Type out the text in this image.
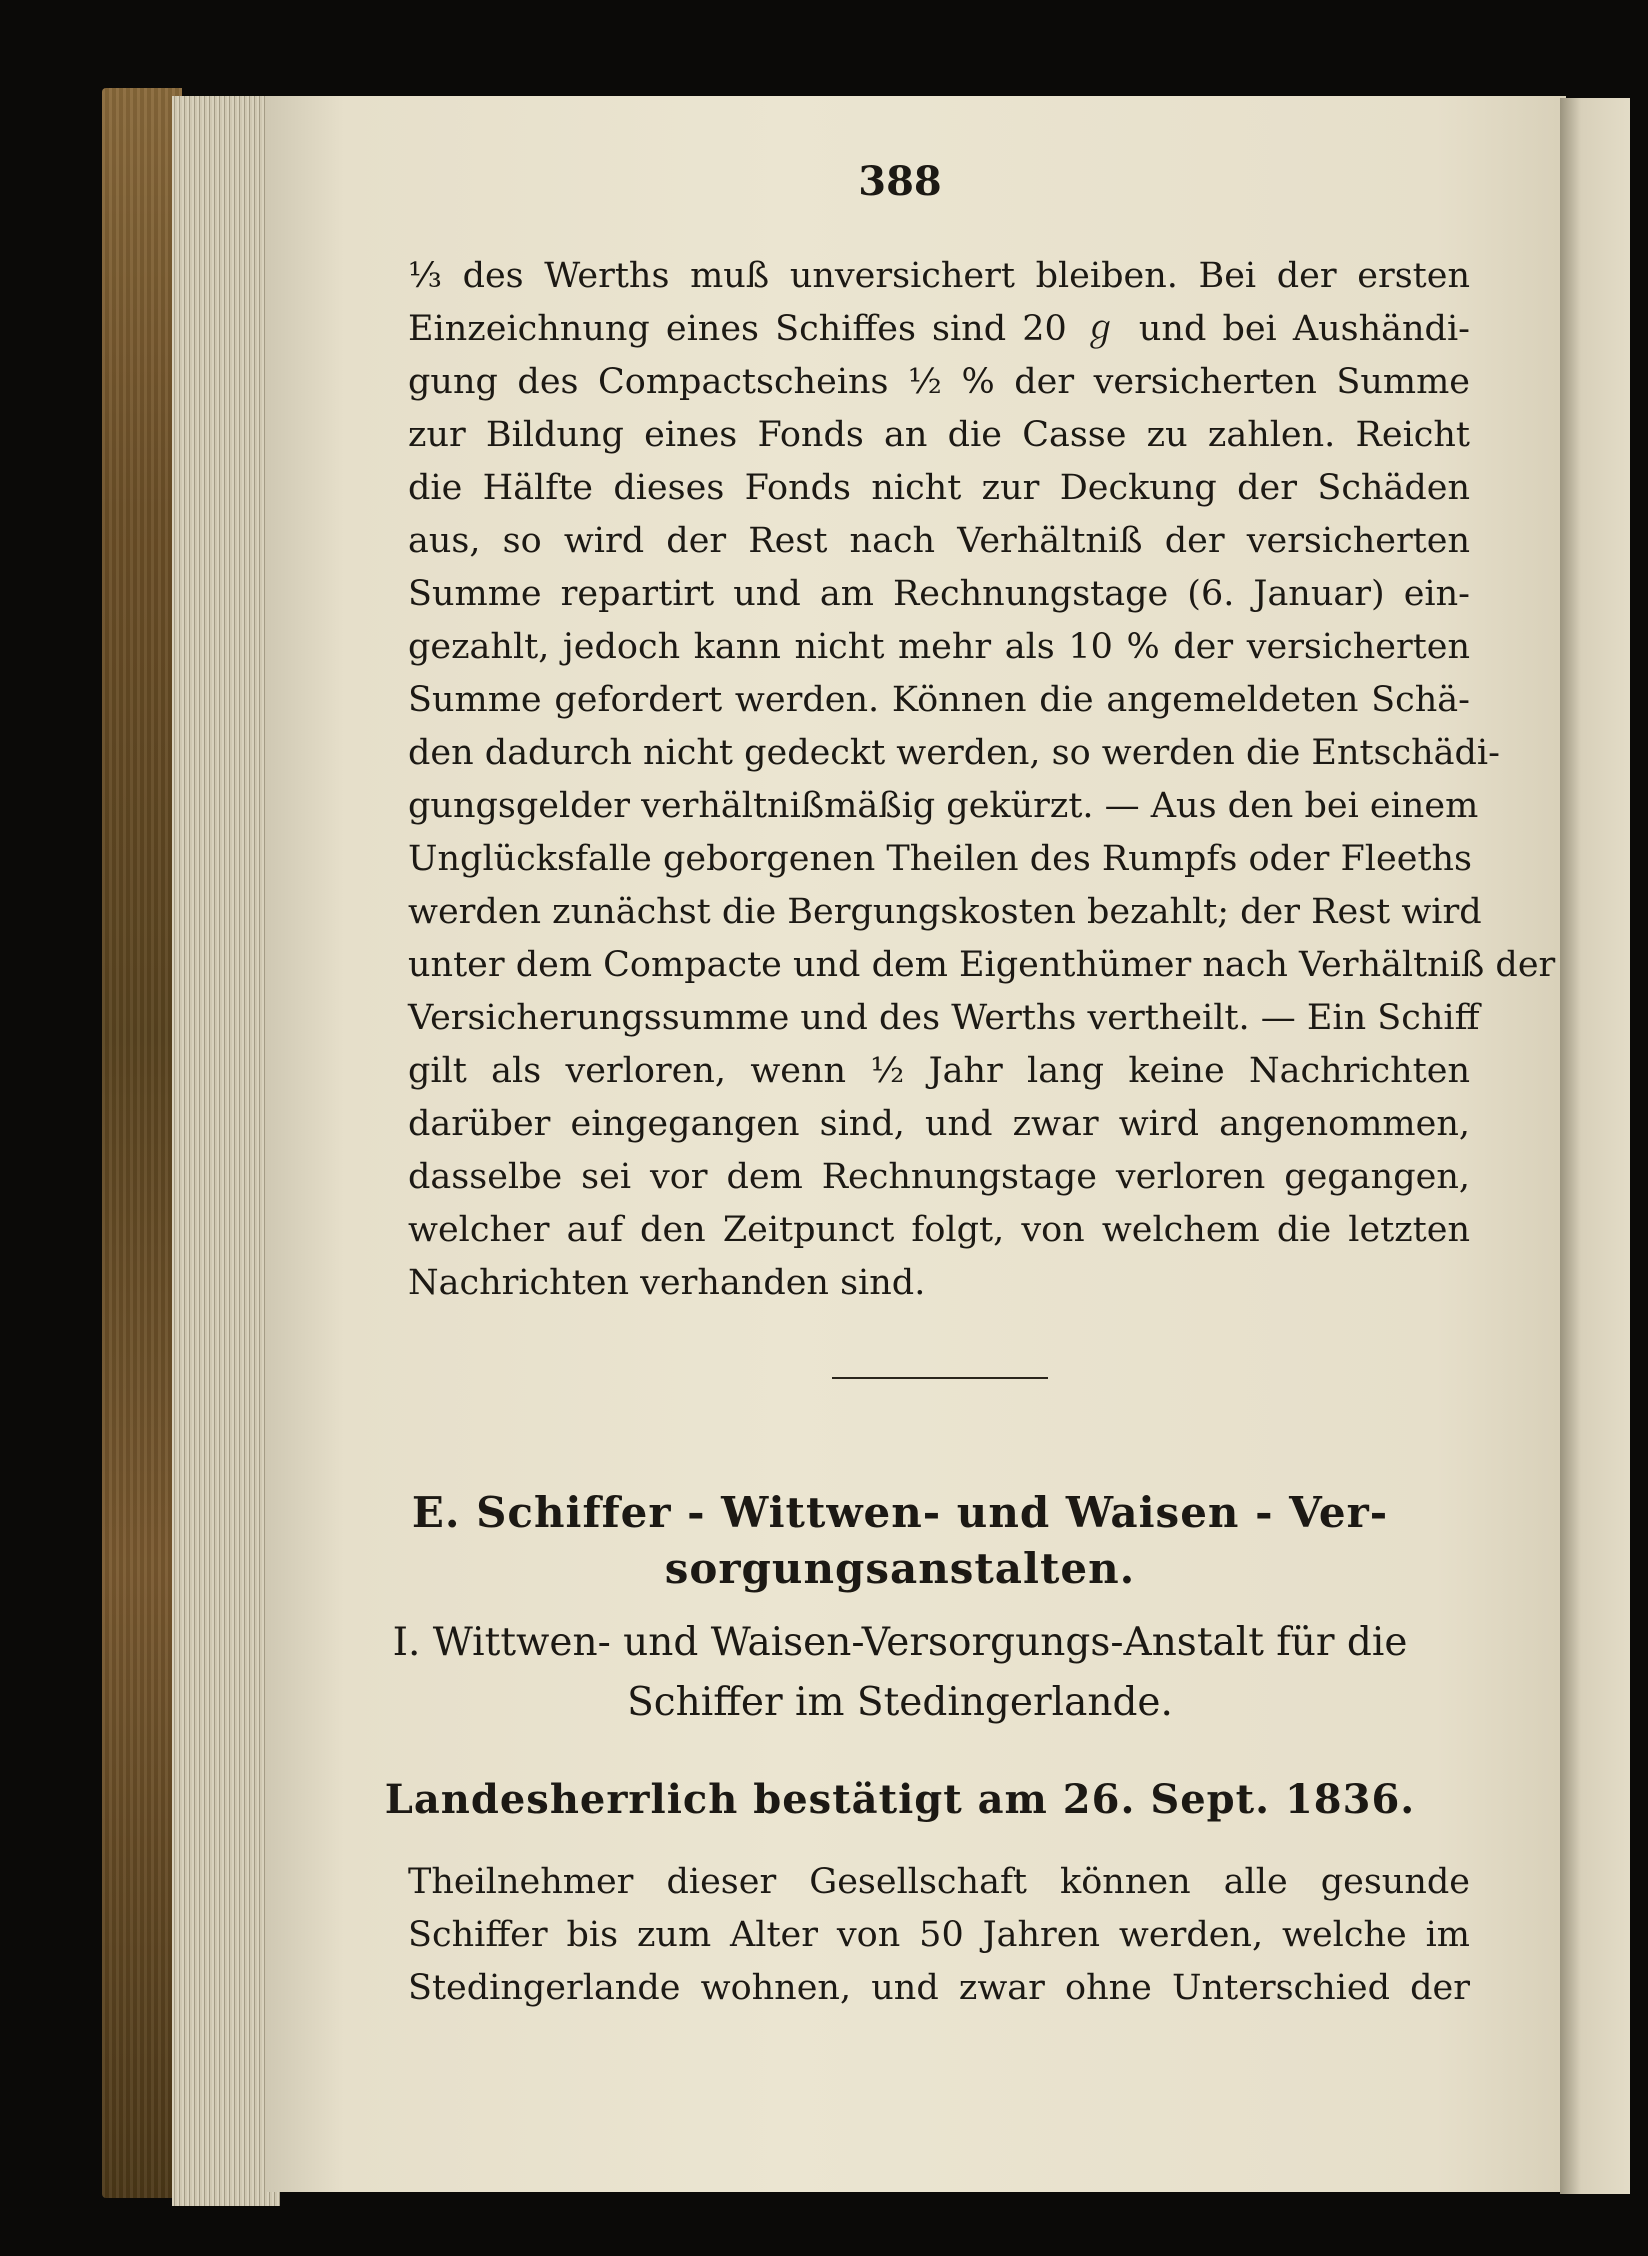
388
⅓ des Werths muß unversichert bleiben. Bei der ersten
Einzeichnung eines Schiffes sind 20 ℊ und bei Aushändi-
gung des Compactscheins ½ % der versicherten Summe
zur Bildung eines Fonds an die Casse zu zahlen. Reicht
die Hälfte dieses Fonds nicht zur Deckung der Schäden
aus, so wird der Rest nach Verhältniß der versicherten
Summe repartirt und am Rechnungstage (6. Januar) ein-
gezahlt, jedoch kann nicht mehr als 10 % der versicherten
Summe gefordert werden. Können die angemeldeten Schä-
den dadurch nicht gedeckt werden, so werden die Entschädi-
gungsgelder verhältnißmäßig gekürzt. — Aus den bei einem
Unglücksfalle geborgenen Theilen des Rumpfs oder Fleeths
werden zunächst die Bergungskosten bezahlt; der Rest wird
unter dem Compacte und dem Eigenthümer nach Verhältniß der
Versicherungssumme und des Werths vertheilt. — Ein Schiff
gilt als verloren, wenn ½ Jahr lang keine Nachrichten
darüber eingegangen sind, und zwar wird angenommen,
dasselbe sei vor dem Rechnungstage verloren gegangen,
welcher auf den Zeitpunct folgt, von welchem die letzten
Nachrichten verhanden sind.
E. Schiffer - Wittwen- und Waisen - Ver-
sorgungsanstalten.
I. Wittwen- und Waisen-Versorgungs-Anstalt für die
Schiffer im Stedingerlande.
Landesherrlich bestätigt am 26. Sept. 1836.
Theilnehmer dieser Gesellschaft können alle gesunde
Schiffer bis zum Alter von 50 Jahren werden, welche im
Stedingerlande wohnen, und zwar ohne Unterschied der
